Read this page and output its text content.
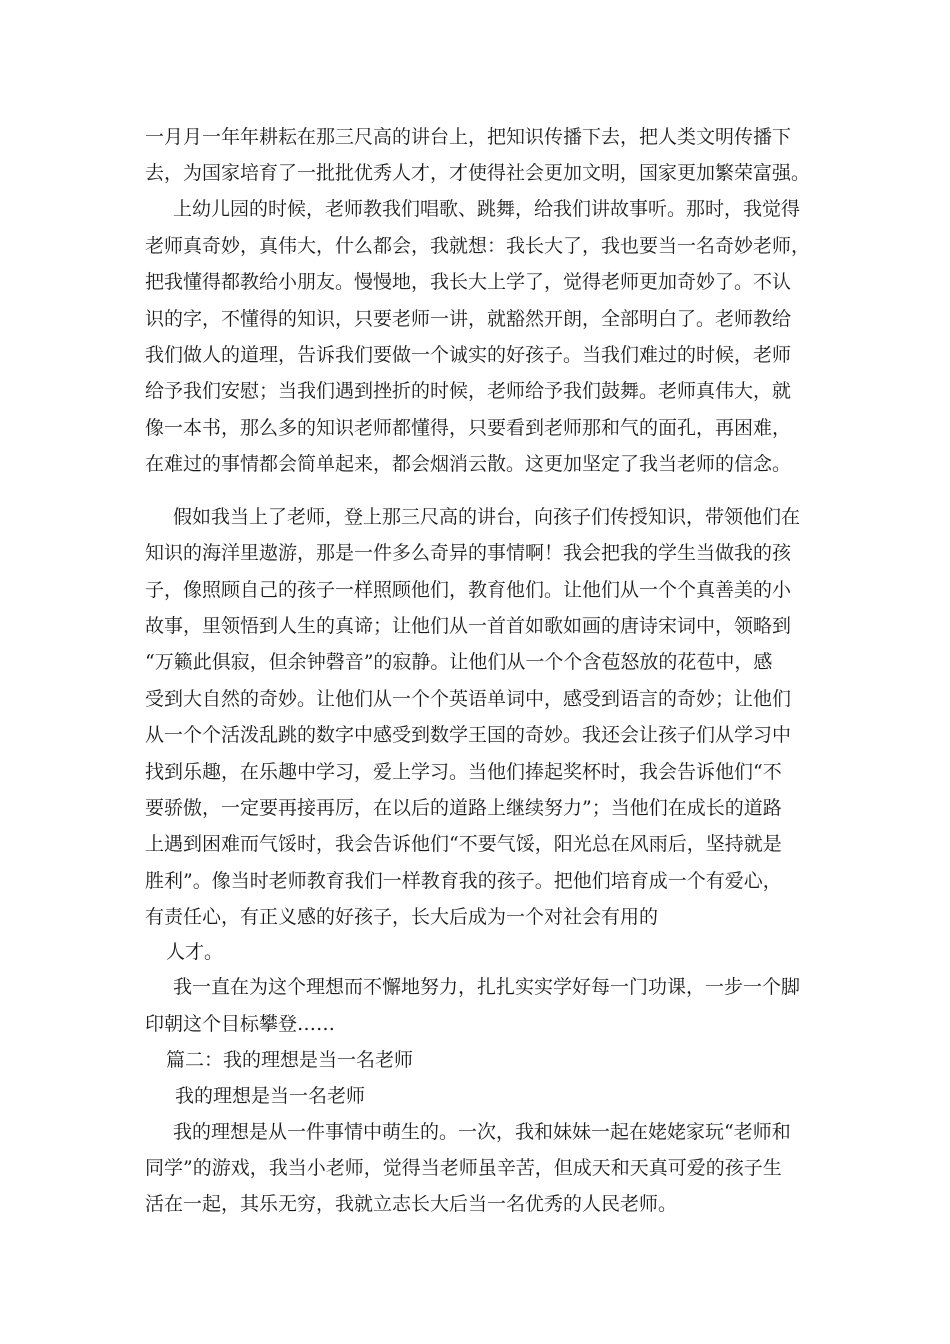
一月月一年年耕耘在那三尺高的讲台上，把知识传播下去，把人类文明传播下
去，为国家培育了一批批优秀人才，才使得社会更加文明，国家更加繁荣富强。
上幼儿园的时候，老师教我们唱歌、跳舞，给我们讲故事听。那时，我觉得
老师真奇妙，真伟大，什么都会，我就想：我长大了，我也要当一名奇妙老师，
把我懂得都教给小朋友。慢慢地，我长大上学了，觉得老师更加奇妙了。不认
识的字，不懂得的知识，只要老师一讲，就豁然开朗，全部明白了。老师教给
我们做人的道理，告诉我们要做一个诚实的好孩子。当我们难过的时候，老师
给予我们安慰；当我们遇到挫折的时候，老师给予我们鼓舞。老师真伟大，就
像一本书，那么多的知识老师都懂得，只要看到老师那和气的面孔，再困难，
在难过的事情都会简单起来，都会烟消云散。这更加坚定了我当老师的信念。
假如我当上了老师，登上那三尺高的讲台，向孩子们传授知识，带领他们在
知识的海洋里遨游，那是一件多么奇异的事情啊！我会把我的学生当做我的孩
子，像照顾自己的孩子一样照顾他们，教育他们。让他们从一个个真善美的小
故事，里领悟到人生的真谛；让他们从一首首如歌如画的唐诗宋词中，领略到
“万籁此俱寂，但余钟磬音”的寂静。让他们从一个个含苞怒放的花苞中，感
受到大自然的奇妙。让他们从一个个英语单词中，感受到语言的奇妙；让他们
从一个个活泼乱跳的数字中感受到数学王国的奇妙。我还会让孩子们从学习中
找到乐趣，在乐趣中学习，爱上学习。当他们捧起奖杯时，我会告诉他们“不
要骄傲，一定要再接再厉，在以后的道路上继续努力”；当他们在成长的道路
上遇到困难而气馁时，我会告诉他们“不要气馁，阳光总在风雨后，坚持就是
胜利”。像当时老师教育我们一样教育我的孩子。把他们培育成一个有爱心，
有责任心，有正义感的好孩子，长大后成为一个对社会有用的
人才。
我一直在为这个理想而不懈地努力，扎扎实实学好每一门功课，一步一个脚
印朝这个目标攀登……
篇二：我的理想是当一名老师
我的理想是当一名老师
我的理想是从一件事情中萌生的。一次，我和妹妹一起在姥姥家玩“老师和
同学”的游戏，我当小老师，觉得当老师虽辛苦，但成天和天真可爱的孩子生
活在一起，其乐无穷，我就立志长大后当一名优秀的人民老师。
